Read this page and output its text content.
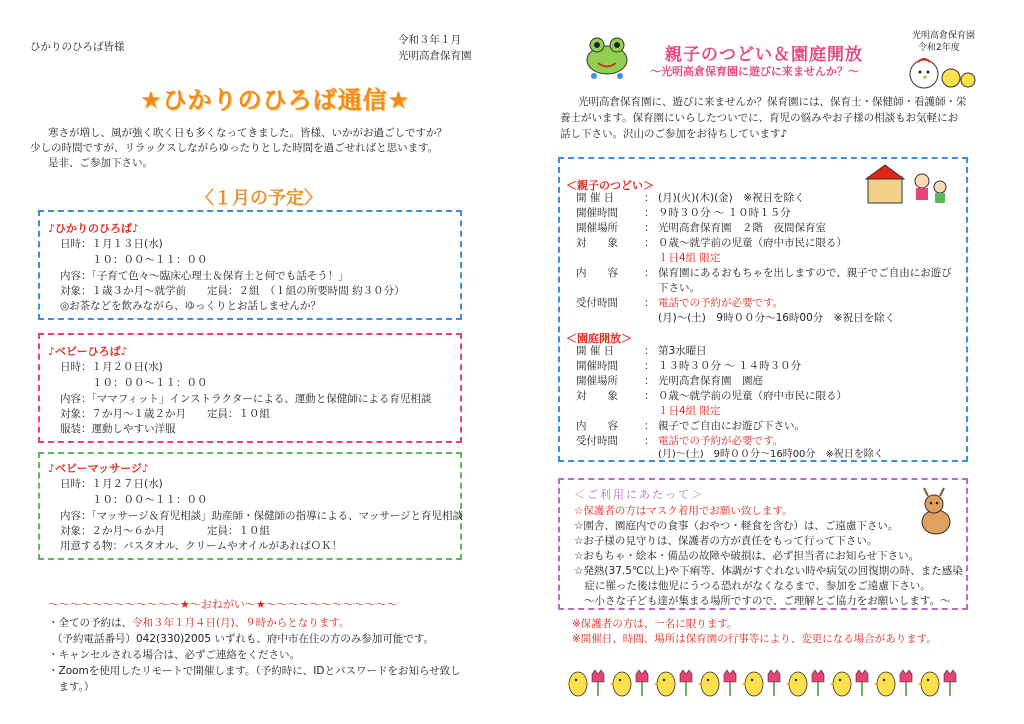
ひかりのひろば皆様
令和３年１月
光明高倉保育園
★ひかりのひろば通信★
寒さが増し、風が強く吹く日も多くなってきました。皆様、いかがお過ごしですか？
少しの時間ですが、リラックスしながらゆったりとした時間を過ごせればと思います。
是非、ご参加下さい。
〈１月の予定〉
♪ひかりのひろば♪
日時：１月１３日(水)
１０：００～１１：００
内容：「子育て色々～臨床心理士＆保育士と何でも話そう！」
対象：１歳３か月～就学前　　定員：２組　（１組の所要時間 約３０分）
◎お茶などを飲みながら、ゆっくりとお話しませんか？
♪ベビーひろば♪
日時：１月２０日(水)
１０：００～１１：００
内容：「ママフィット」インストラクターによる、運動と保健師による育児相談
対象：７か月～１歳２か月　　定員：１０組
服装：運動しやすい洋服
♪ベビーマッサージ♪
日時：１月２７日(水)
１０：００～１１：００
内容：「マッサージ＆育児相談」助産師・保健師の指導による、マッサージと育児相談
対象：２か月～６か月　　　　定員：１０組
用意する物：バスタオル、クリームやオイルがあればＯＫ！
～～～～～～～～～～～～★～おねがい～★～～～～～～～～～～～～
・全ての予約は、令和３年１月４日(月)、９時からとなります。
（予約電話番号）042(330)2005 いずれも、府中市在住の方のみ参加可能です。
・キャンセルされる場合は、必ずご連絡をください。
・Zoomを使用したリモートで開催します。（予約時に、IDとパスワードをお知らせ致し
　ます。）
親子のつどい＆園庭開放
～光明高倉保育園に遊びに来ませんか？～
光明高倉保育園
令和2年度
光明高倉保育園に、遊びに来ませんか？保育園には、保育士・保健師・看護師・栄
養士がいます。保育園にいらしたついでに、育児の悩みやお子様の相談もお気軽にお
話し下さい。沢山のご参加をお待ちしています♪
＜親子のつどい＞
開 催 日	： (月)(火)(木)(金)　※祝日を除く
開催時間 ： ９時３０分 ～ １０時１５分
開催場所 ： 光明高倉保育園　２階　夜間保育室
対　　象 ： ０歳～就学前の児童（府中市民に限る）
１日4組 限定
内　　容 ： 保育園にあるおもちゃを出しますので、親子でご自由にお遊び
下さい。
受付時間 ： 電話での予約が必要です。
(月)～(土)　9時００分～16時00分　※祝日を除く
＜園庭開放＞
開 催 日	： 第3水曜日
開催時間 ： １３時３０分 ～ １４時３０分
開催場所 ： 光明高倉保育園　園庭
対　　象 ： ０歳～就学前の児童（府中市民に限る）
１日4組 限定
内　　容 ： 親子でご自由にお遊び下さい。
受付時間 ： 電話での予約が必要です。
(月)～(土)　9時００分～16時00分　※祝日を除く
＜ご利用にあたって＞
☆保護者の方はマスク着用でお願い致します。
☆園舎、園庭内での食事（おやつ・軽食を含む）は、ご遠慮下さい。
☆お子様の見守りは、保護者の方が責任をもって行って下さい。
☆おもちゃ・絵本・備品の故障や破損は、必ず担当者にお知らせ下さい。
☆発熱(37.5℃以上)や下痢等、体調がすぐれない時や病気の回復期の時、また感染
　症に罹った後は他児にうつる恐れがなくなるまで、参加をご遠慮下さい。
～小さな子ども達が集まる場所ですので、ご理解とご協力をお願いします。～
※保護者の方は、一名に限ります。
※開催日、時間、場所は保育園の行事等により、変更になる場合があります。
